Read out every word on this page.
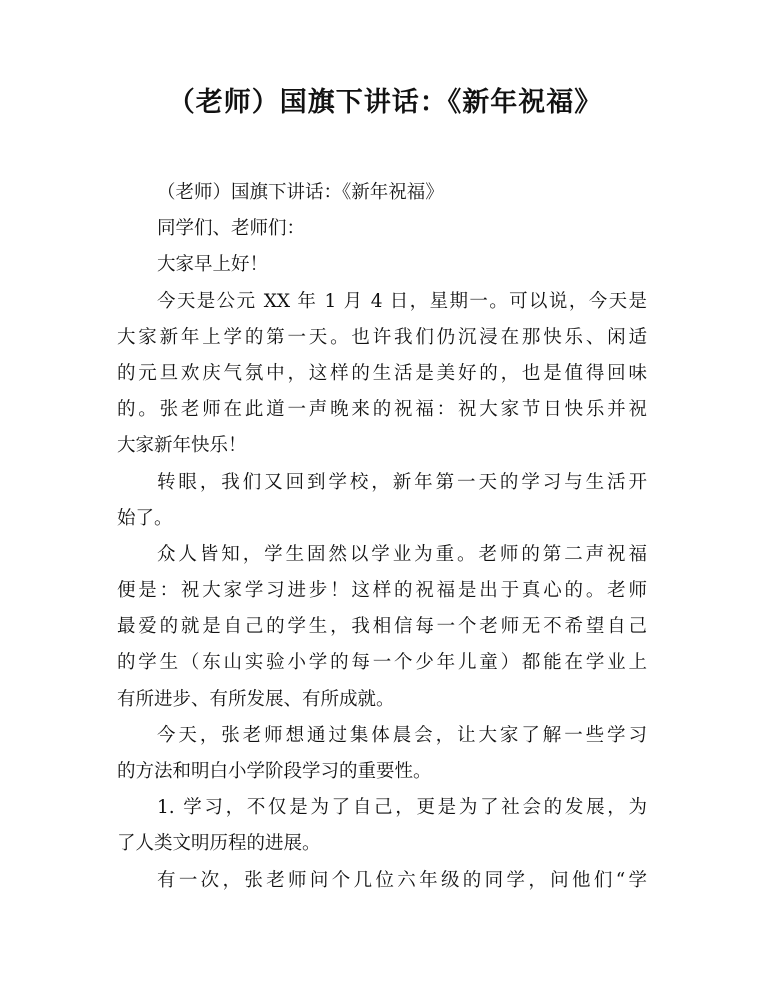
（老师）国旗下讲话：《新年祝福》
（老师）国旗下讲话：《新年祝福》
同学们、老师们：
大家早上好！
今天是公元 XX 年 1 月 4 日，星期一。可以说，今天是
大家新年上学的第一天。也许我们仍沉浸在那快乐、闲适
的元旦欢庆气氛中，这样的生活是美好的，也是值得回味
的。张老师在此道一声晚来的祝福：祝大家节日快乐并祝
大家新年快乐！
转眼，我们又回到学校，新年第一天的学习与生活开
始了。
众人皆知，学生固然以学业为重。老师的第二声祝福
便是：祝大家学习进步！这样的祝福是出于真心的。老师
最爱的就是自己的学生，我相信每一个老师无不希望自己
的学生（东山实验小学的每一个少年儿童）都能在学业上
有所进步、有所发展、有所成就。
今天，张老师想通过集体晨会，让大家了解一些学习
的方法和明白小学阶段学习的重要性。
1. 学习，不仅是为了自己，更是为了社会的发展，为
了人类文明历程的进展。
有一次，张老师问个几位六年级的同学，问他们“学
